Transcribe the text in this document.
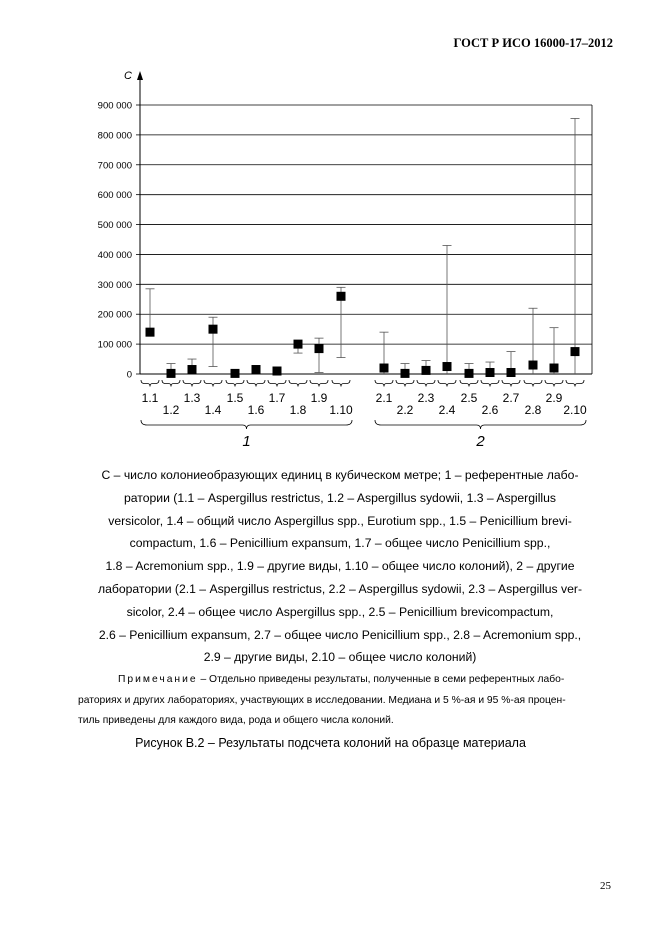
ГОСТ Р ИСО 16000-17–2012
0
100 000
200 000
300 000
400 000
500 000
600 000
700 000
800 000
900 000
C
1.1
1.2
1.3
1.4
1.5
1.6
1.7
1.8
1.9
1.10
2.1
2.2
2.3
2.4
2.5
2.6
2.7
2.8
2.9
2.10
1	2

C – число колониеобразующих единиц в кубическом метре; 1 – референтные лабо-

ратории (1.1 – Aspergillus restrictus, 1.2 – Aspergillus sydowii, 1.3 – Aspergillus

versicolor, 1.4 – общий число Aspergillus spp., Eurotium spp., 1.5 – Penicillium brevi-

compactum, 1.6 – Penicillium expansum, 1.7 – общее число Penicillium spp.,

1.8 – Acremonium spp., 1.9 – другие виды, 1.10 – общее число колоний), 2 – другие

лаборатории (2.1 – Aspergillus restrictus, 2.2 – Aspergillus sydowii, 2.3 – Aspergillus ver-

sicolor, 2.4 – общее число Aspergillus spp., 2.5 – Penicillium brevicompactum,

2.6 – Penicillium expansum, 2.7 – общее число Penicillium spp., 2.8 – Acremonium spp.,

2.9 – другие виды, 2.10 – общее число колоний)

Примечание – Отдельно приведены результаты, полученные в семи референтных лабо-

раториях и других лабораториях, участвующих в исследовании. Медиана и 5 %-ая и 95 %-ая процен-

тиль приведены для каждого вида, рода и общего числа колоний.

Рисунок В.2 – Результаты подсчета колоний на образце материала
25
